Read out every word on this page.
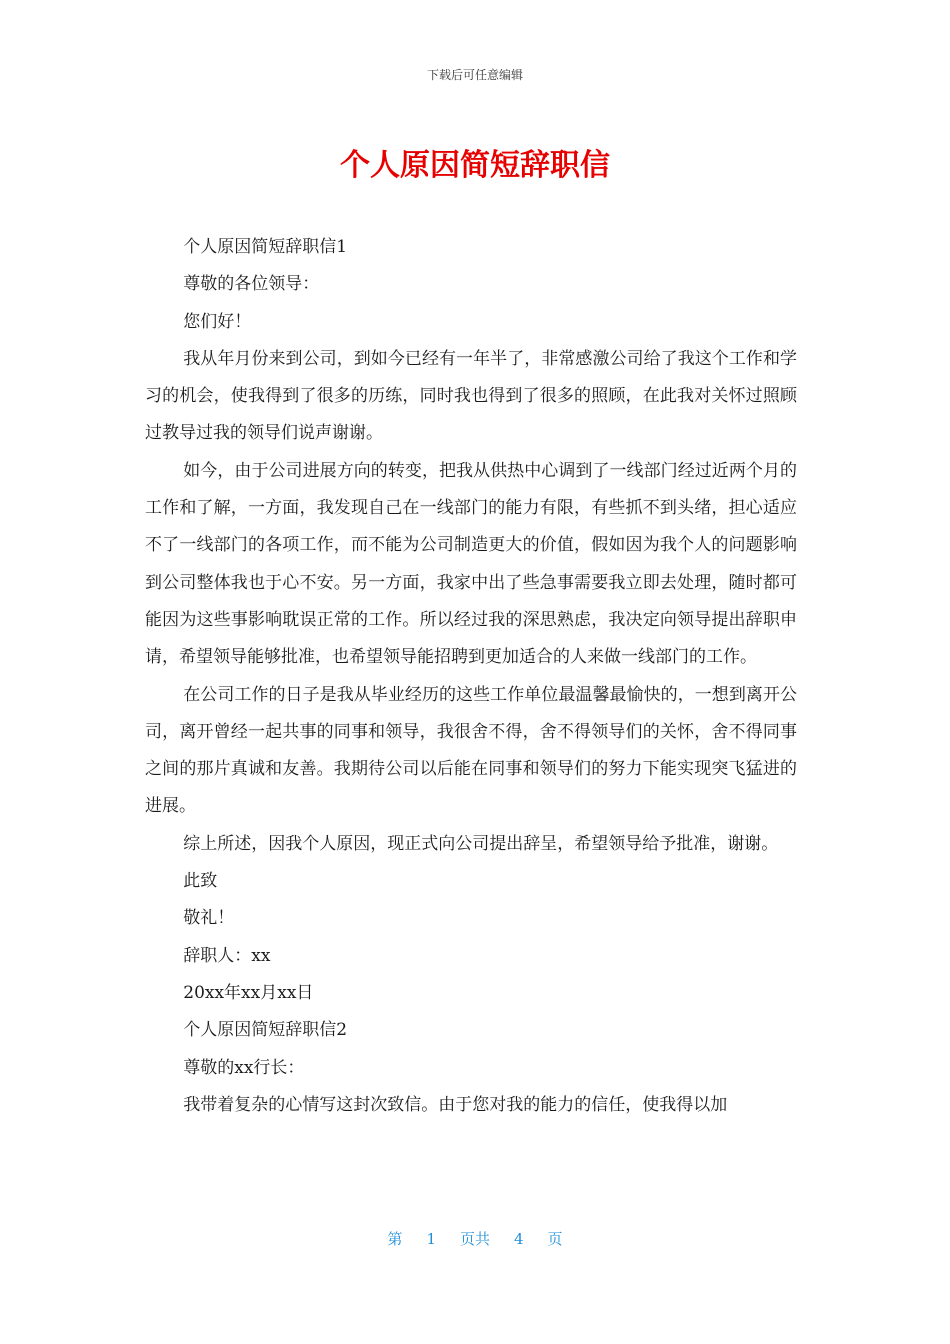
下载后可任意编辑
个人原因简短辞职信

个人原因简短辞职信1

尊敬的各位领导：

您们好！

我从年月份来到公司，到如今已经有一年半了，非常感激公司给了我这个工作和学习的机会，使我得到了很多的历练，同时我也得到了很多的照顾，在此我对关怀过照顾过教导过我的领导们说声谢谢。

如今，由于公司进展方向的转变，把我从供热中心调到了一线部门经过近两个月的工作和了解，一方面，我发现自己在一线部门的能力有限，有些抓不到头绪，担心适应不了一线部门的各项工作，而不能为公司制造更大的价值，假如因为我个人的问题影响到公司整体我也于心不安。另一方面，我家中出了些急事需要我立即去处理，随时都可能因为这些事影响耽误正常的工作。所以经过我的深思熟虑，我决定向领导提出辞职申请，希望领导能够批准，也希望领导能招聘到更加适合的人来做一线部门的工作。

在公司工作的日子是我从毕业经历的这些工作单位最温馨最愉快的，一想到离开公司，离开曾经一起共事的同事和领导，我很舍不得，舍不得领导们的关怀，舍不得同事之间的那片真诚和友善。我期待公司以后能在同事和领导们的努力下能实现突飞猛进的进展。

综上所述，因我个人原因，现正式向公司提出辞呈，希望领导给予批准，谢谢。

此致

敬礼！

辞职人：xx

20xx年xx月xx日

个人原因简短辞职信2

尊敬的xx行长：

我带着复杂的心情写这封次致信。由于您对我的能力的信任，使我得以加

第 1 页共 4 页
